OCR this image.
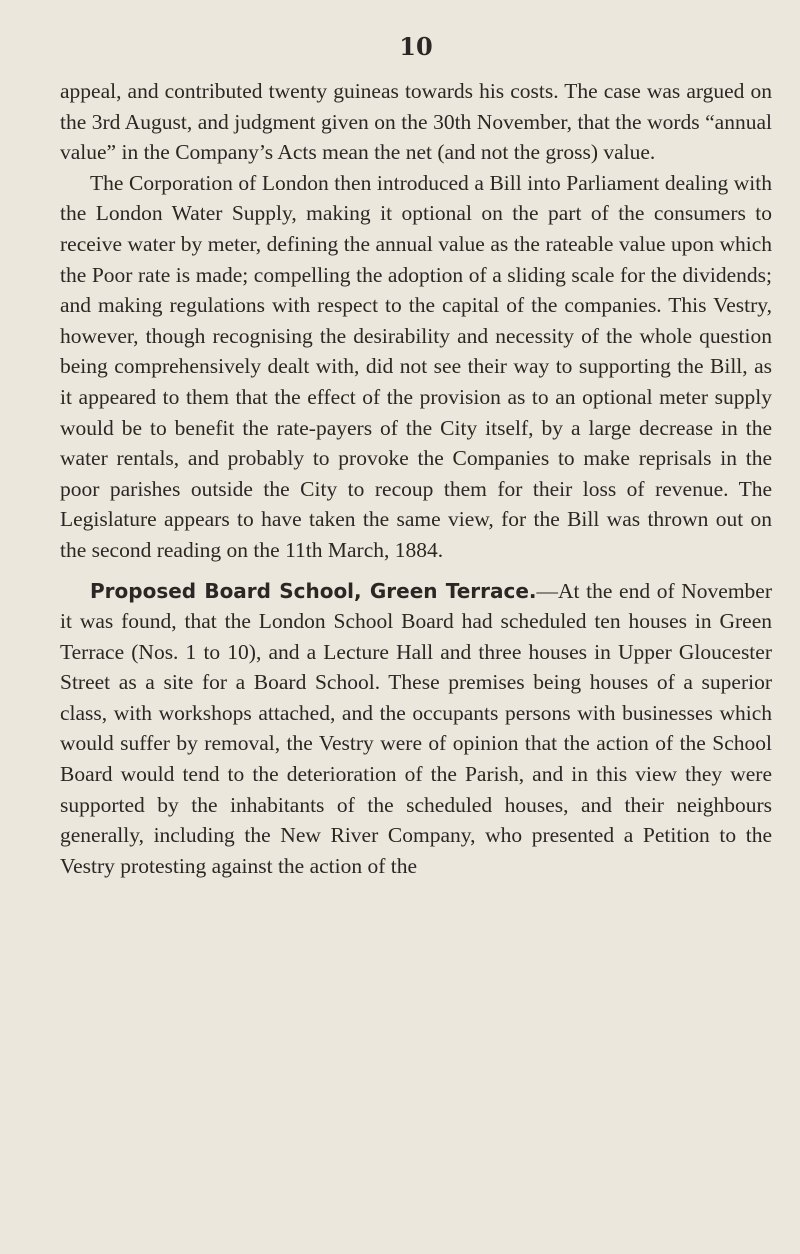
10

appeal, and contributed twenty guineas towards his costs. The case was argued on the 3rd August, and judgment given on the 30th November, that the words “annual value” in the Company’s Acts mean the net (and not the gross) value.

The Corporation of London then introduced a Bill into Parliament dealing with the London Water Supply, making it optional on the part of the consumers to receive water by meter, defining the annual value as the rateable value upon which the Poor rate is made; compelling the adoption of a sliding scale for the dividends; and making regulations with respect to the capital of the companies. This Vestry, however, though recognising the desirability and necessity of the whole question being comprehensively dealt with, did not see their way to supporting the Bill, as it appeared to them that the effect of the provision as to an optional meter supply would be to benefit the rate-payers of the City itself, by a large decrease in the water rentals, and probably to provoke the Companies to make reprisals in the poor parishes outside the City to recoup them for their loss of revenue. The Legislature appears to have taken the same view, for the Bill was thrown out on the second reading on the 11th March, 1884.

Proposed Board School, Green Terrace.—At the end of November it was found, that the London School Board had scheduled ten houses in Green Terrace (Nos. 1 to 10), and a Lecture Hall and three houses in Upper Gloucester Street as a site for a Board School. These premises being houses of a superior class, with workshops attached, and the occupants persons with businesses which would suffer by removal, the Vestry were of opinion that the action of the School Board would tend to the deterioration of the Parish, and in this view they were supported by the inhabitants of the scheduled houses, and their neighbours generally, including the New River Company, who presented a Petition to the Vestry protesting against the action of the
